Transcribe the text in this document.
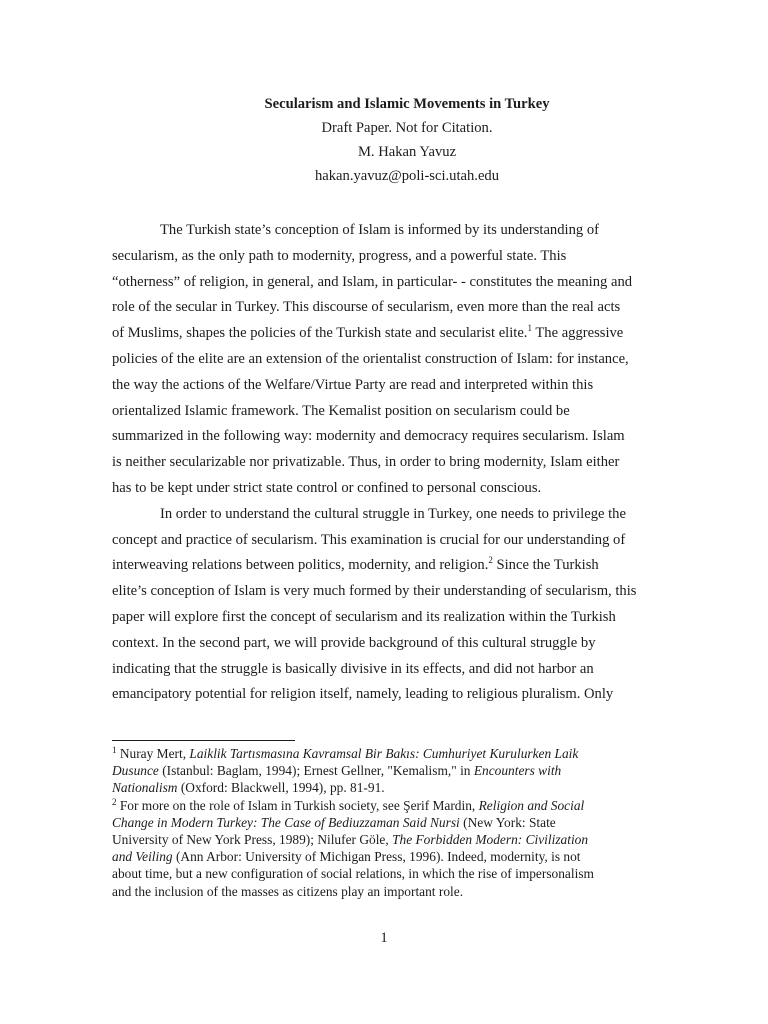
Secularism and Islamic Movements in Turkey
Draft Paper. Not for Citation.
M. Hakan Yavuz
hakan.yavuz@poli-sci.utah.edu
The Turkish state’s conception of Islam is informed by its understanding of
secularism, as the only path to modernity, progress, and a powerful state. This
“otherness” of religion, in general, and Islam, in particular- - constitutes the meaning and
role of the secular in Turkey. This discourse of secularism, even more than the real acts
of Muslims, shapes the policies of the Turkish state and secularist elite.$^1$ The aggressive
policies of the elite are an extension of the orientalist construction of Islam: for instance,
the way the actions of the Welfare/Virtue Party are read and interpreted within this
orientalized Islamic framework. The Kemalist position on secularism could be
summarized in the following way: modernity and democracy requires secularism. Islam
is neither secularizable nor privatizable. Thus, in order to bring modernity, Islam either
has to be kept under strict state control or confined to personal conscious.
In order to understand the cultural struggle in Turkey, one needs to privilege the
concept and practice of secularism. This examination is crucial for our understanding of
interweaving relations between politics, modernity, and religion.$^2$ Since the Turkish
elite’s conception of Islam is very much formed by their understanding of secularism, this
paper will explore first the concept of secularism and its realization within the Turkish
context. In the second part, we will provide background of this cultural struggle by
indicating that the struggle is basically divisive in its effects, and did not harbor an
emancipatory potential for religion itself, namely, leading to religious pluralism. Only
$^1$ Nuray Mert, Laiklik Tartısmasına Kavramsal Bir Bakıs: Cumhuriyet Kurulurken Laik
Dusunce (Istanbul: Baglam, 1994); Ernest Gellner, "Kemalism," in Encounters with
Nationalism (Oxford: Blackwell, 1994), pp. 81-91.
$^2$ For more on the role of Islam in Turkish society, see Şerif Mardin, Religion and Social
Change in Modern Turkey: The Case of Bediuzzaman Said Nursi (New York: State
University of New York Press, 1989); Nilufer Göle, The Forbidden Modern: Civilization
and Veiling (Ann Arbor: University of Michigan Press, 1996). Indeed, modernity, is not
about time, but a new configuration of social relations, in which the rise of impersonalism
and the inclusion of the masses as citizens play an important role.
1
